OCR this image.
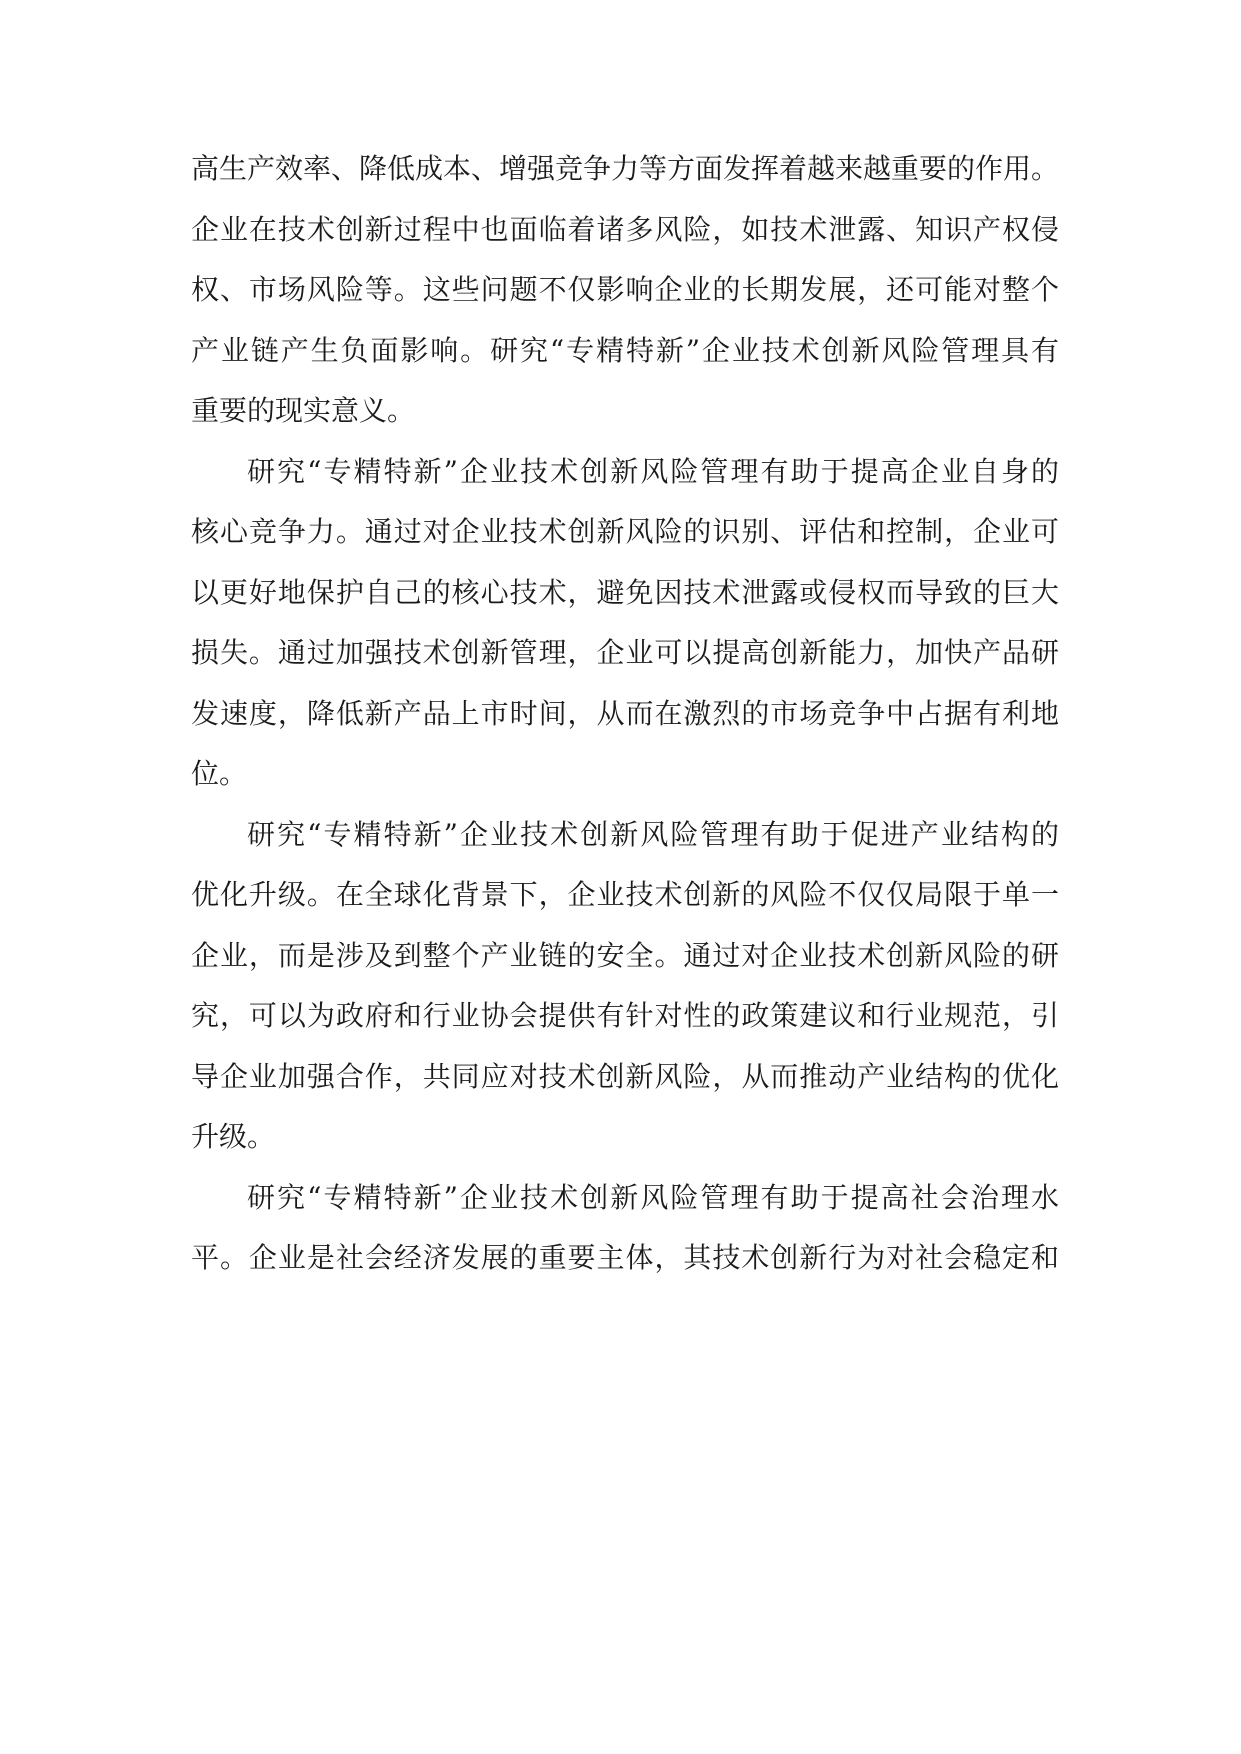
高生产效率、降低成本、增强竞争力等方面发挥着越来越重要的作用。
企业在技术创新过程中也面临着诸多风险，如技术泄露、知识产权侵
权、市场风险等。这些问题不仅影响企业的长期发展，还可能对整个
产业链产生负面影响。研究“专精特新”企业技术创新风险管理具有
重要的现实意义。
研究“专精特新”企业技术创新风险管理有助于提高企业自身的
核心竞争力。通过对企业技术创新风险的识别、评估和控制，企业可
以更好地保护自己的核心技术，避免因技术泄露或侵权而导致的巨大
损失。通过加强技术创新管理，企业可以提高创新能力，加快产品研
发速度，降低新产品上市时间，从而在激烈的市场竞争中占据有利地
位。
研究“专精特新”企业技术创新风险管理有助于促进产业结构的
优化升级。在全球化背景下，企业技术创新的风险不仅仅局限于单一
企业，而是涉及到整个产业链的安全。通过对企业技术创新风险的研
究，可以为政府和行业协会提供有针对性的政策建议和行业规范，引
导企业加强合作，共同应对技术创新风险，从而推动产业结构的优化
升级。
研究“专精特新”企业技术创新风险管理有助于提高社会治理水
平。企业是社会经济发展的重要主体，其技术创新行为对社会稳定和
